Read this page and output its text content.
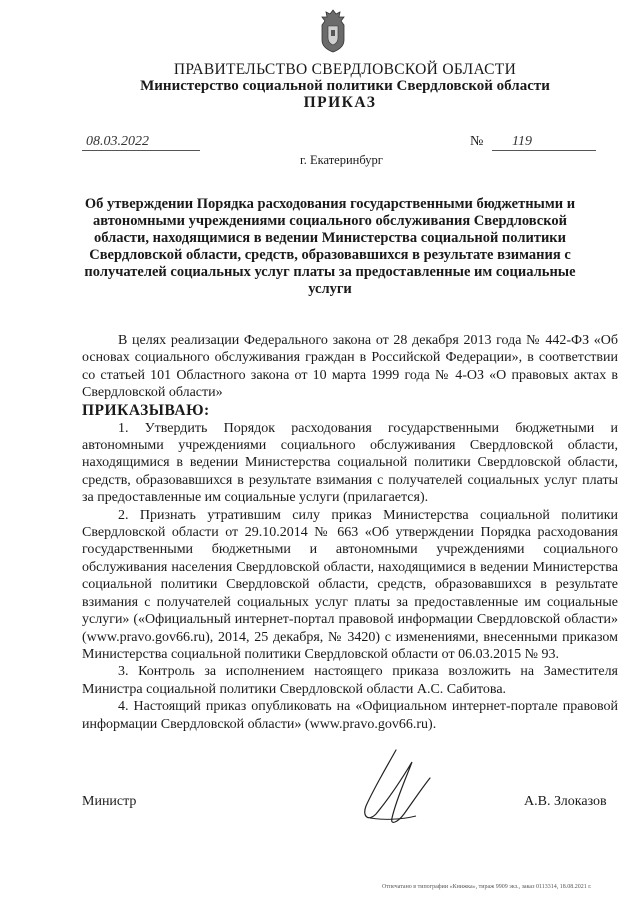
ПРАВИТЕЛЬСТВО СВЕРДЛОВСКОЙ ОБЛАСТИ
Министерство социальной политики Свердловской области
ПРИКАЗ
08.03.2022	№ 119
г. Екатеринбург
Об утверждении Порядка расходования государственными бюджетными и автономными учреждениями социального обслуживания Свердловской области, находящимися в ведении Министерства социальной политики Свердловской области, средств, образовавшихся в результате взимания с получателей социальных услуг платы за предоставленные им социальные услуги

В целях реализации Федерального закона от 28 декабря 2013 года № 442-ФЗ «Об основах социального обслуживания граждан в Российской Федерации», в соответствии со статьей 101 Областного закона от 10 марта 1999 года № 4-ОЗ «О правовых актах в Свердловской области»

ПРИКАЗЫВАЮ:

1. Утвердить Порядок расходования государственными бюджетными и автономными учреждениями социального обслуживания Свердловской области, находящимися в ведении Министерства социальной политики Свердловской области, средств, образовавшихся в результате взимания с получателей социальных услуг платы за предоставленные им социальные услуги (прилагается).

2. Признать утратившим силу приказ Министерства социальной политики Свердловской области от 29.10.2014 № 663 «Об утверждении Порядка расходования государственными бюджетными и автономными учреждениями социального обслуживания населения Свердловской области, находящимися в ведении Министерства социальной политики Свердловской области, средств, образовавшихся в результате взимания с получателей социальных услуг платы за предоставленные им социальные услуги» («Официальный интернет-портал правовой информации Свердловской области» (www.pravo.gov66.ru), 2014, 25 декабря, № 3420) с изменениями, внесенными приказом Министерства социальной политики Свердловской области от 06.03.2015 № 93.

3. Контроль за исполнением настоящего приказа возложить на Заместителя Министра социальной политики Свердловской области А.С. Сабитова.

4. Настоящий приказ опубликовать на «Официальном интернет-портале правовой информации Свердловской области» (www.pravo.gov66.ru).

Министр	А.В. Злоказов
Отпечатано в типографии «Книжка», тираж 9909 экз., заказ 0113314, 18.08.2021 г.
